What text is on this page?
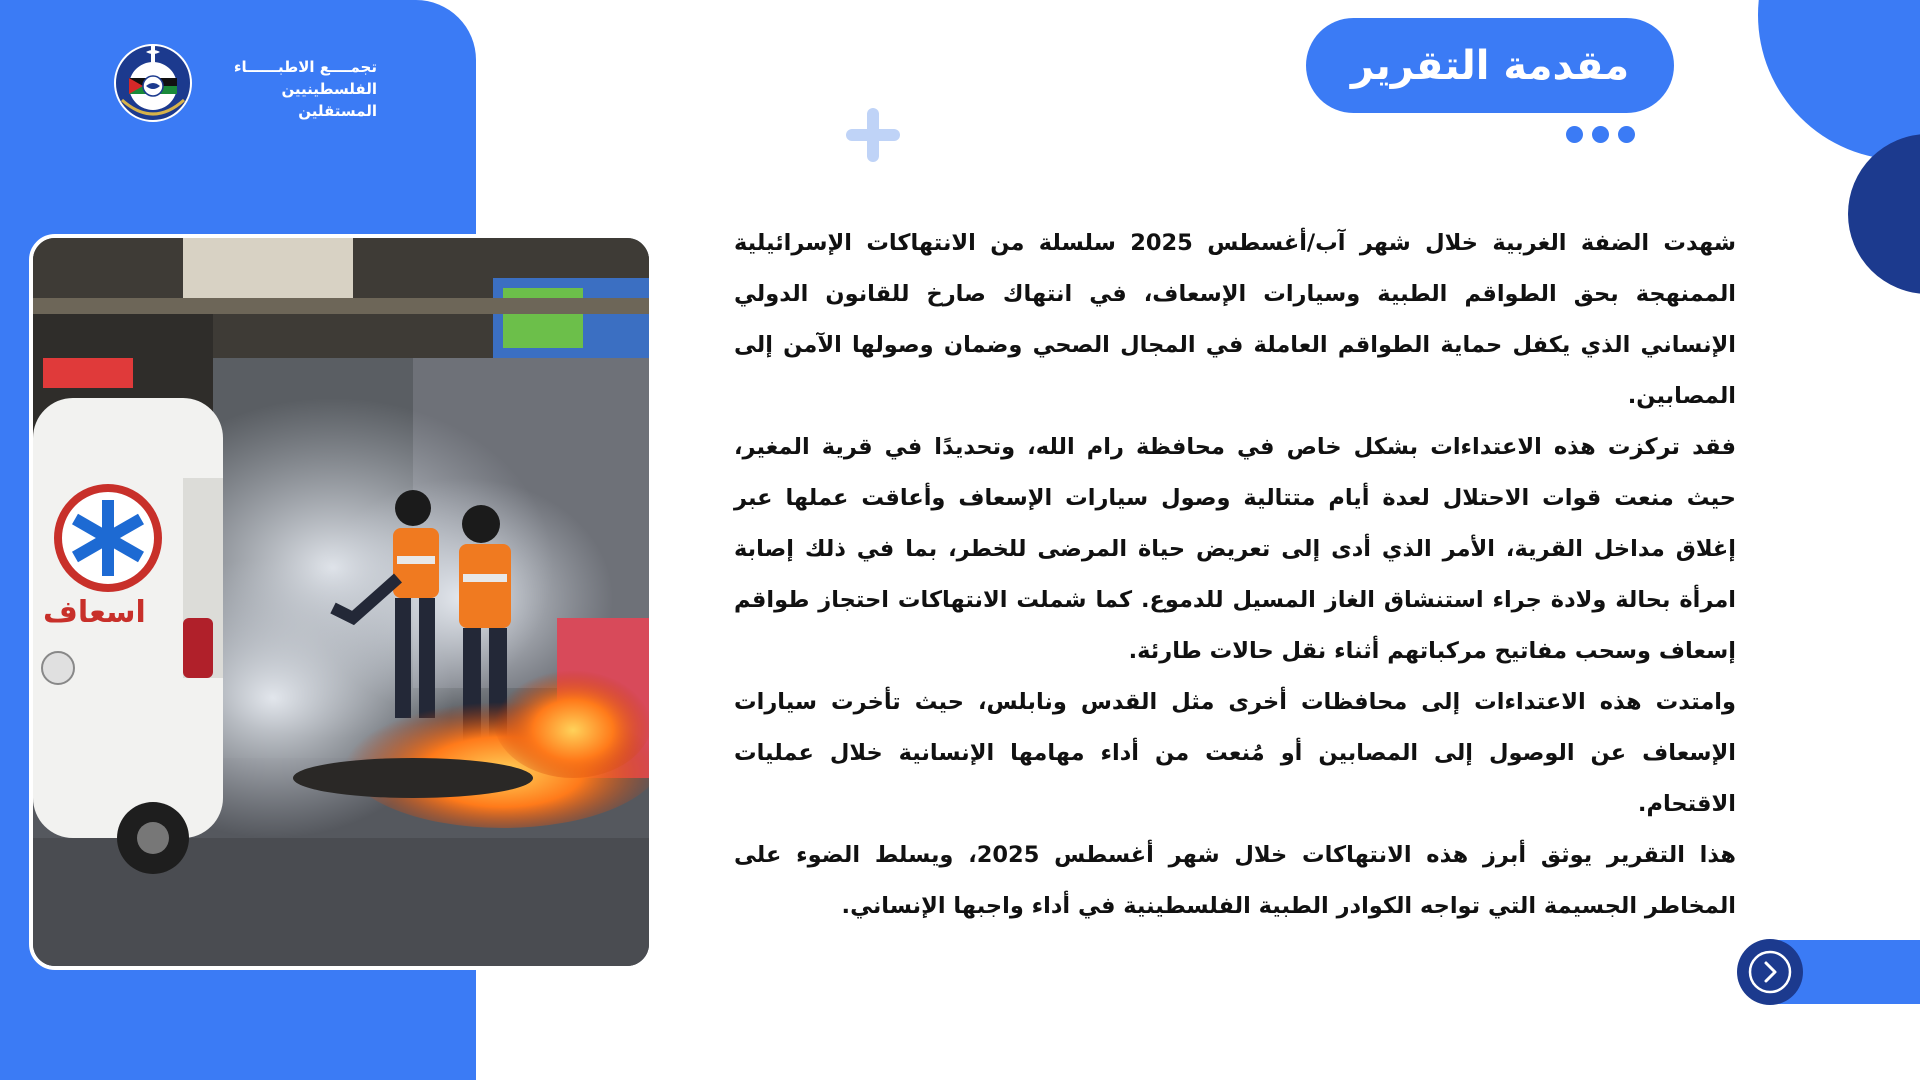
تجمــــع الاطبــــــاء
الفلسطينيين المستقلين
اسعاف
مقدمة التقرير

شهدت الضفة الغربية خلال شهر آب/أغسطس 2025 سلسلة من الانتهاكات الإسرائيلية الممنهجة بحق الطواقم الطبية وسيارات الإسعاف، في انتهاك صارخ للقانون الدولي الإنساني الذي يكفل حماية الطواقم العاملة في المجال الصحي وضمان وصولها الآمن إلى المصابين.

فقد تركزت هذه الاعتداءات بشكل خاص في محافظة رام الله، وتحديدًا في قرية المغير، حيث منعت قوات الاحتلال لعدة أيام متتالية وصول سيارات الإسعاف وأعاقت عملها عبر إغلاق مداخل القرية، الأمر الذي أدى إلى تعريض حياة المرضى للخطر، بما في ذلك إصابة امرأة بحالة ولادة جراء استنشاق الغاز المسيل للدموع. كما شملت الانتهاكات احتجاز طواقم إسعاف وسحب مفاتيح مركباتهم أثناء نقل حالات طارئة.

وامتدت هذه الاعتداءات إلى محافظات أخرى مثل القدس ونابلس، حيث تأخرت سيارات الإسعاف عن الوصول إلى المصابين أو مُنعت من أداء مهامها الإنسانية خلال عمليات الاقتحام.

هذا التقرير يوثق أبرز هذه الانتهاكات خلال شهر أغسطس 2025، ويسلط الضوء على المخاطر الجسيمة التي تواجه الكوادر الطبية الفلسطينية في أداء واجبها الإنساني.
